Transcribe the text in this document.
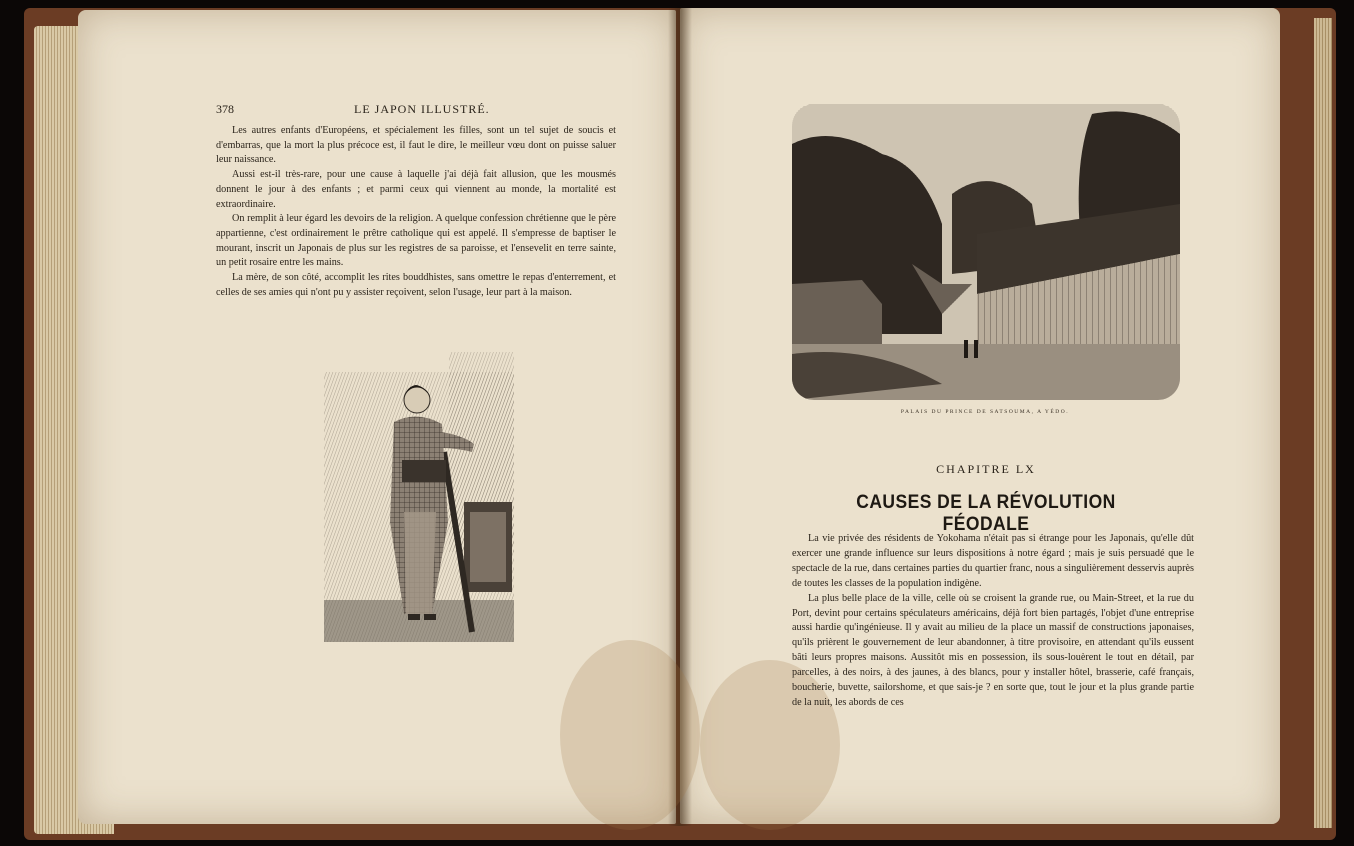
378	LE JAPON ILLUSTRÉ.

Les autres enfants d'Européens, et spécialement les filles, sont un tel sujet de soucis et d'embarras, que la mort la plus précoce est, il faut le dire, le meilleur vœu dont on puisse saluer leur naissance.

Aussi est-il très-rare, pour une cause à laquelle j'ai déjà fait allusion, que les mousmés donnent le jour à des enfants ; et parmi ceux qui viennent au monde, la mortalité est extraordinaire.

On remplit à leur égard les devoirs de la religion. A quelque confession chrétienne que le père appartienne, c'est ordinairement le prêtre catholique qui est appelé. Il s'empresse de baptiser le mourant, inscrit un Japonais de plus sur les registres de sa paroisse, et l'ensevelit en terre sainte, un petit rosaire entre les mains.

La mère, de son côté, accomplit les rites bouddhistes, sans omettre le repas d'enterrement, et celles de ses amies qui n'ont pu y assister reçoivent, selon l'usage, leur part à la maison.

PALAIS DU PRINCE DE SATSOUMA, A YÉDO.
CHAPITRE LX
CAUSES DE LA RÉVOLUTION FÉODALE

La vie privée des résidents de Yokohama n'était pas si étrange pour les Japonais, qu'elle dût exercer une grande influence sur leurs dispositions à notre égard ; mais je suis persuadé que le spectacle de la rue, dans certaines parties du quartier franc, nous a singulièrement desservis auprès de toutes les classes de la population indigène.

La plus belle place de la ville, celle où se croisent la grande rue, ou Main-Street, et la rue du Port, devint pour certains spéculateurs américains, déjà fort bien partagés, l'objet d'une entreprise aussi hardie qu'ingénieuse. Il y avait au milieu de la place un massif de constructions japonaises, qu'ils prièrent le gouvernement de leur abandonner, à titre provisoire, en attendant qu'ils eussent bâti leurs propres maisons. Aussitôt mis en possession, ils sous-louèrent le tout en détail, par parcelles, à des noirs, à des jaunes, à des blancs, pour y installer hôtel, brasserie, café français, boucherie, buvette, sailorshome, et que sais-je ? en sorte que, tout le jour et la plus grande partie de la nuit, les abords de ces
